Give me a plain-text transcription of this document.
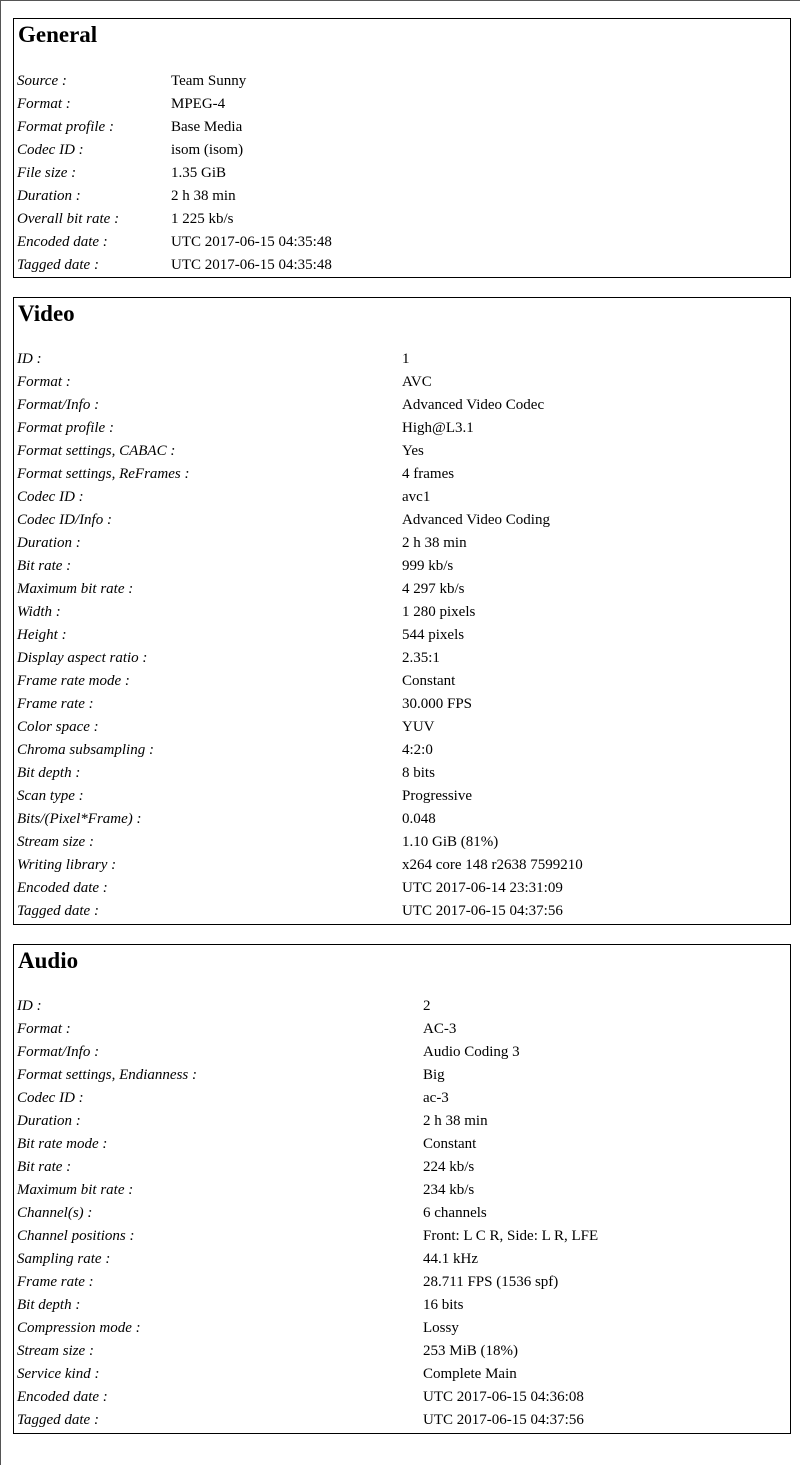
General
Source :	Team Sunny
Format :	MPEG-4
Format profile :	Base Media
Codec ID :	isom (isom)
File size :	1.35 GiB
Duration :	2 h 38 min
Overall bit rate :	1 225 kb/s
Encoded date :	UTC 2017-06-15 04:35:48
Tagged date :	UTC 2017-06-15 04:35:48
Video
ID :	1
Format :	AVC
Format/Info :	Advanced Video Codec
Format profile :	High@L3.1
Format settings, CABAC :	Yes
Format settings, ReFrames :	4 frames
Codec ID :	avc1
Codec ID/Info :	Advanced Video Coding
Duration :	2 h 38 min
Bit rate :	999 kb/s
Maximum bit rate :	4 297 kb/s
Width :	1 280 pixels
Height :	544 pixels
Display aspect ratio :	2.35:1
Frame rate mode :	Constant
Frame rate :	30.000 FPS
Color space :	YUV
Chroma subsampling :	4:2:0
Bit depth :	8 bits
Scan type :	Progressive
Bits/(Pixel*Frame) :	0.048
Stream size :	1.10 GiB (81%)
Writing library :	x264 core 148 r2638 7599210
Encoded date :	UTC 2017-06-14 23:31:09
Tagged date :	UTC 2017-06-15 04:37:56
Audio
ID :	2
Format :	AC-3
Format/Info :	Audio Coding 3
Format settings, Endianness :	Big
Codec ID :	ac-3
Duration :	2 h 38 min
Bit rate mode :	Constant
Bit rate :	224 kb/s
Maximum bit rate :	234 kb/s
Channel(s) :	6 channels
Channel positions :	Front: L C R, Side: L R, LFE
Sampling rate :	44.1 kHz
Frame rate :	28.711 FPS (1536 spf)
Bit depth :	16 bits
Compression mode :	Lossy
Stream size :	253 MiB (18%)
Service kind :	Complete Main
Encoded date :	UTC 2017-06-15 04:36:08
Tagged date :	UTC 2017-06-15 04:37:56
